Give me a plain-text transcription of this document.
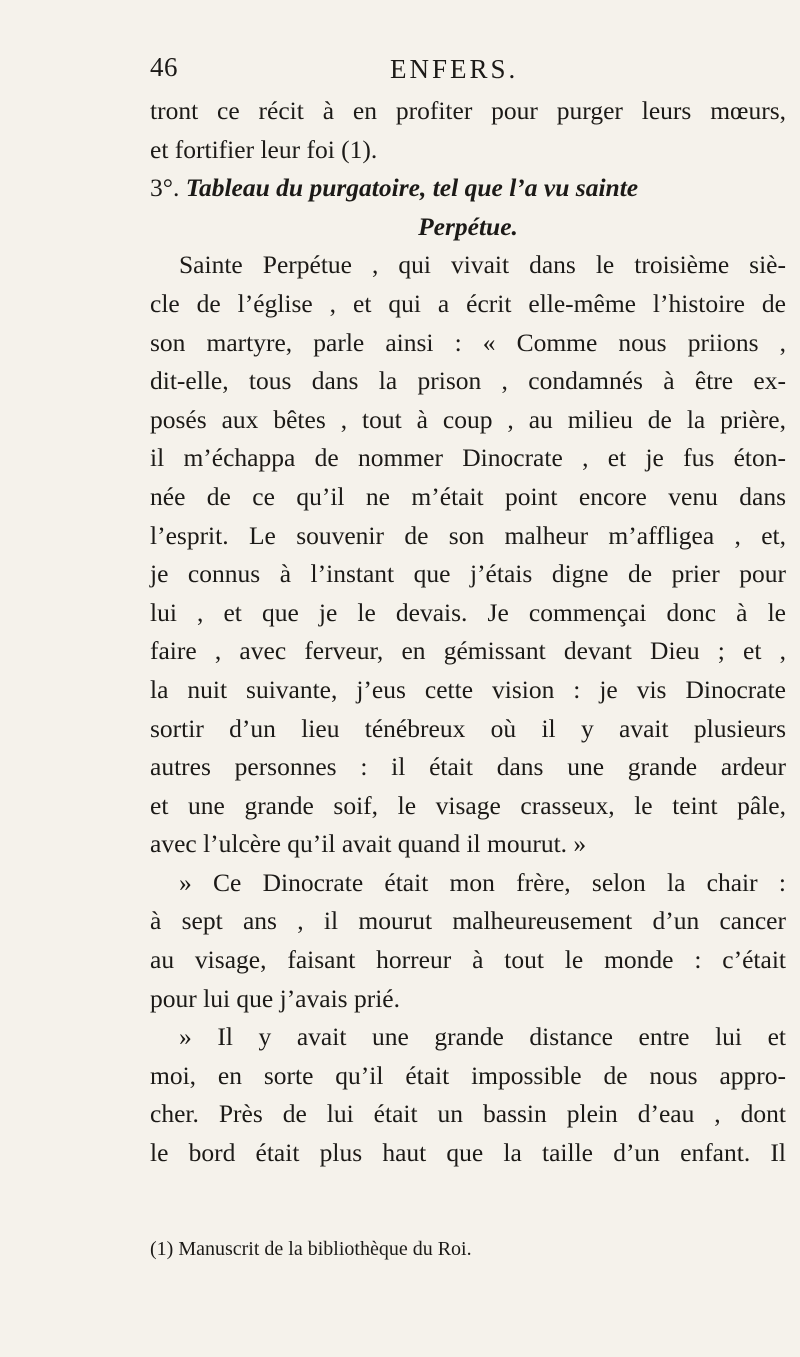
46	ENFERS.
tront ce récit à en profiter pour purger leurs mœurs,
et fortifier leur foi (1).
3°. Tableau du purgatoire, tel que l’a vu sainte
Perpétue.
Sainte Perpétue , qui vivait dans le troisième siè-
cle de l’église , et qui a écrit elle-même l’histoire de
son martyre, parle ainsi : « Comme nous priions ,
dit-elle, tous dans la prison , condamnés à être ex-
posés aux bêtes , tout à coup , au milieu de la prière,
il m’échappa de nommer Dinocrate , et je fus éton-
née de ce qu’il ne m’était point encore venu dans
l’esprit. Le souvenir de son malheur m’affligea , et,
je connus à l’instant que j’étais digne de prier pour
lui , et que je le devais. Je commençai donc à le
faire , avec ferveur, en gémissant devant Dieu ; et ,
la nuit suivante, j’eus cette vision : je vis Dinocrate
sortir d’un lieu ténébreux où il y avait plusieurs
autres personnes : il était dans une grande ardeur
et une grande soif, le visage crasseux, le teint pâle,
avec l’ulcère qu’il avait quand il mourut. »
» Ce Dinocrate était mon frère, selon la chair :
à sept ans , il mourut malheureusement d’un cancer
au visage, faisant horreur à tout le monde : c’était
pour lui que j’avais prié.
» Il y avait une grande distance entre lui et
moi, en sorte qu’il était impossible de nous appro-
cher. Près de lui était un bassin plein d’eau , dont
le bord était plus haut que la taille d’un enfant. Il
(1) Manuscrit de la bibliothèque du Roi.
